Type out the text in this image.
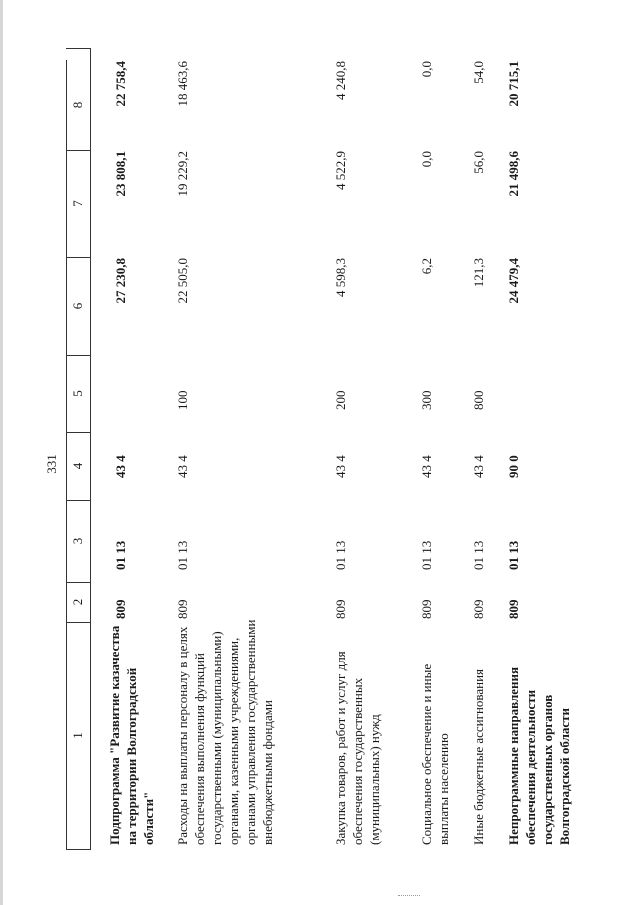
331
1
2
3
4
5
6
7
8
Подпрограмма "Развитие казачества на территории Волгоградской области"
809
01 13
43 4
27 230,8
23 808,1
22 758,4
Расходы на выплаты персоналу в целях обеспечения выполнения функций государственными (муниципальными) органами, казенными учреждениями, органами управления государственными внебюджетными фондами
809
01 13
43 4
100
22 505,0
19 229,2
18 463,6
Закупка товаров, работ и услуг для обеспечения государственных (муниципальных) нужд
809
01 13
43 4
200
4 598,3
4 522,9
4 240,8
Социальное обеспечение и иные выплаты населению
809
01 13
43 4
300
6,2
0,0
0,0
Иные бюджетные ассигнования
809
01 13
43 4
800
121,3
56,0
54,0
Непрограммные направления обеспечения деятельности государственных органов Волгоградской области
809
01 13
90 0
24 479,4
21 498,6
20 715,1
